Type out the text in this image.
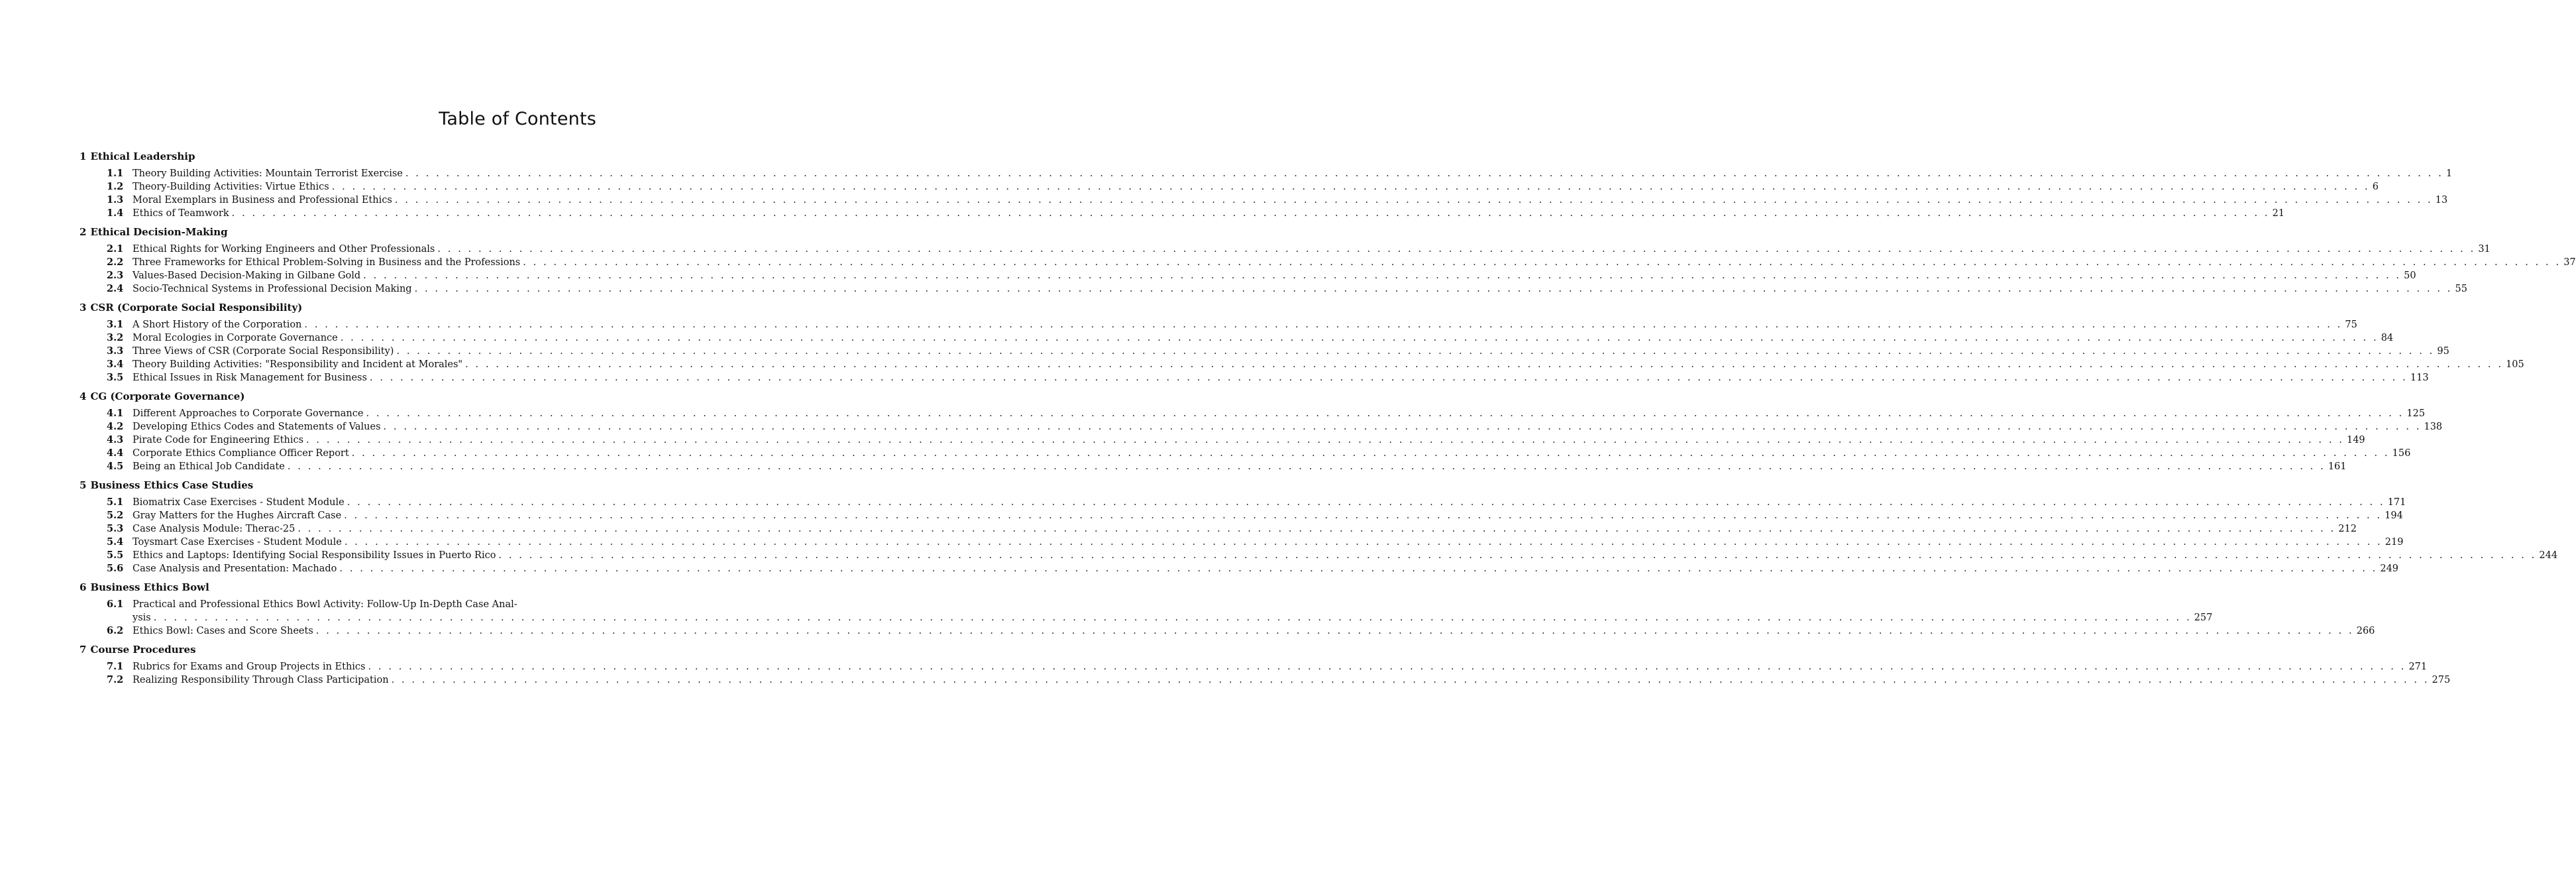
Table of Contents
1 Ethical Leadership
1.1 Theory Building Activities: Mountain Terrorist Exercise . . . . . . . . . . . . . . . . . . . . . . . . . . . . . . . . . . . . . . . . . . . . . . . . . . . . . . . . . . . . . . . . . . . . . . . . . . . . . . . . . . . . . . . . . . . . . . . . . . . . . . . . . . . . . . . . . . . . . . . . . . . . . . . . . . . . . . . . . . . . . . . . . . . . . . . . . . . . . . . . . . . . . . . . . . . . . . . . . . . . . . . . . . . . . . . . . . . . . . . . 1
1.2 Theory-Building Activities: Virtue Ethics . . . . . . . . . . . . . . . . . . . . . . . . . . . . . . . . . . . . . . . . . . . . . . . . . . . . . . . . . . . . . . . . . . . . . . . . . . . . . . . . . . . . . . . . . . . . . . . . . . . . . . . . . . . . . . . . . . . . . . . . . . . . . . . . . . . . . . . . . . . . . . . . . . . . . . . . . . . . . . . . . . . . . . . . . . . . . . . . . . . . . . . . . . . . . . . . . . . . . . . . 6
1.3 Moral Exemplars in Business and Professional Ethics . . . . . . . . . . . . . . . . . . . . . . . . . . . . . . . . . . . . . . . . . . . . . . . . . . . . . . . . . . . . . . . . . . . . . . . . . . . . . . . . . . . . . . . . . . . . . . . . . . . . . . . . . . . . . . . . . . . . . . . . . . . . . . . . . . . . . . . . . . . . . . . . . . . . . . . . . . . . . . . . . . . . . . . . . . . . . . . . . . . . . . . . . . . . . . . . . . . . . . . . 13
1.4 Ethics of Teamwork . . . . . . . . . . . . . . . . . . . . . . . . . . . . . . . . . . . . . . . . . . . . . . . . . . . . . . . . . . . . . . . . . . . . . . . . . . . . . . . . . . . . . . . . . . . . . . . . . . . . . . . . . . . . . . . . . . . . . . . . . . . . . . . . . . . . . . . . . . . . . . . . . . . . . . . . . . . . . . . . . . . . . . . . . . . . . . . . . . . . . . . . . . . . . . . . . . . . . . . . 21
2 Ethical Decision-Making
2.1 Ethical Rights for Working Engineers and Other Professionals . . . . . . . . . . . . . . . . . . . . . . . . . . . . . . . . . . . . . . . . . . . . . . . . . . . . . . . . . . . . . . . . . . . . . . . . . . . . . . . . . . . . . . . . . . . . . . . . . . . . . . . . . . . . . . . . . . . . . . . . . . . . . . . . . . . . . . . . . . . . . . . . . . . . . . . . . . . . . . . . . . . . . . . . . . . . . . . . . . . . . . . . . . . . . . . . . . . . . . . . 31
2.2 Three Frameworks for Ethical Problem-Solving in Business and the Professions . . . . . . . . . . . . . . . . . . . . . . . . . . . . . . . . . . . . . . . . . . . . . . . . . . . . . . . . . . . . . . . . . . . . . . . . . . . . . . . . . . . . . . . . . . . . . . . . . . . . . . . . . . . . . . . . . . . . . . . . . . . . . . . . . . . . . . . . . . . . . . . . . . . . . . . . . . . . . . . . . . . . . . . . . . . . . . . . . . . . . . . . . . . . . . . . . . . . . . . . 37
2.3 Values-Based Decision-Making in Gilbane Gold . . . . . . . . . . . . . . . . . . . . . . . . . . . . . . . . . . . . . . . . . . . . . . . . . . . . . . . . . . . . . . . . . . . . . . . . . . . . . . . . . . . . . . . . . . . . . . . . . . . . . . . . . . . . . . . . . . . . . . . . . . . . . . . . . . . . . . . . . . . . . . . . . . . . . . . . . . . . . . . . . . . . . . . . . . . . . . . . . . . . . . . . . . . . . . . . . . . . . . . . 50
2.4 Socio-Technical Systems in Professional Decision Making . . . . . . . . . . . . . . . . . . . . . . . . . . . . . . . . . . . . . . . . . . . . . . . . . . . . . . . . . . . . . . . . . . . . . . . . . . . . . . . . . . . . . . . . . . . . . . . . . . . . . . . . . . . . . . . . . . . . . . . . . . . . . . . . . . . . . . . . . . . . . . . . . . . . . . . . . . . . . . . . . . . . . . . . . . . . . . . . . . . . . . . . . . . . . . . . . . . . . . . . 55
3 CSR (Corporate Social Responsibility)
3.1 A Short History of the Corporation . . . . . . . . . . . . . . . . . . . . . . . . . . . . . . . . . . . . . . . . . . . . . . . . . . . . . . . . . . . . . . . . . . . . . . . . . . . . . . . . . . . . . . . . . . . . . . . . . . . . . . . . . . . . . . . . . . . . . . . . . . . . . . . . . . . . . . . . . . . . . . . . . . . . . . . . . . . . . . . . . . . . . . . . . . . . . . . . . . . . . . . . . . . . . . . . . . . . . . . . 75
3.2 Moral Ecologies in Corporate Governance . . . . . . . . . . . . . . . . . . . . . . . . . . . . . . . . . . . . . . . . . . . . . . . . . . . . . . . . . . . . . . . . . . . . . . . . . . . . . . . . . . . . . . . . . . . . . . . . . . . . . . . . . . . . . . . . . . . . . . . . . . . . . . . . . . . . . . . . . . . . . . . . . . . . . . . . . . . . . . . . . . . . . . . . . . . . . . . . . . . . . . . . . . . . . . . . . . . . . . . . 84
3.3 Three Views of CSR (Corporate Social Responsibility) . . . . . . . . . . . . . . . . . . . . . . . . . . . . . . . . . . . . . . . . . . . . . . . . . . . . . . . . . . . . . . . . . . . . . . . . . . . . . . . . . . . . . . . . . . . . . . . . . . . . . . . . . . . . . . . . . . . . . . . . . . . . . . . . . . . . . . . . . . . . . . . . . . . . . . . . . . . . . . . . . . . . . . . . . . . . . . . . . . . . . . . . . . . . . . . . . . . . . . . . 95
3.4 Theory Building Activities: "Responsibility and Incident at Morales" . . . . . . . . . . . . . . . . . . . . . . . . . . . . . . . . . . . . . . . . . . . . . . . . . . . . . . . . . . . . . . . . . . . . . . . . . . . . . . . . . . . . . . . . . . . . . . . . . . . . . . . . . . . . . . . . . . . . . . . . . . . . . . . . . . . . . . . . . . . . . . . . . . . . . . . . . . . . . . . . . . . . . . . . . . . . . . . . . . . . . . . . . . . . . . . . . . . . . . . . 105
3.5 Ethical Issues in Risk Management for Business . . . . . . . . . . . . . . . . . . . . . . . . . . . . . . . . . . . . . . . . . . . . . . . . . . . . . . . . . . . . . . . . . . . . . . . . . . . . . . . . . . . . . . . . . . . . . . . . . . . . . . . . . . . . . . . . . . . . . . . . . . . . . . . . . . . . . . . . . . . . . . . . . . . . . . . . . . . . . . . . . . . . . . . . . . . . . . . . . . . . . . . . . . . . . . . . . . . . . . . . 113
4 CG (Corporate Governance)
4.1 Different Approaches to Corporate Governance . . . . . . . . . . . . . . . . . . . . . . . . . . . . . . . . . . . . . . . . . . . . . . . . . . . . . . . . . . . . . . . . . . . . . . . . . . . . . . . . . . . . . . . . . . . . . . . . . . . . . . . . . . . . . . . . . . . . . . . . . . . . . . . . . . . . . . . . . . . . . . . . . . . . . . . . . . . . . . . . . . . . . . . . . . . . . . . . . . . . . . . . . . . . . . . . . . . . . . . . 125
4.2 Developing Ethics Codes and Statements of Values . . . . . . . . . . . . . . . . . . . . . . . . . . . . . . . . . . . . . . . . . . . . . . . . . . . . . . . . . . . . . . . . . . . . . . . . . . . . . . . . . . . . . . . . . . . . . . . . . . . . . . . . . . . . . . . . . . . . . . . . . . . . . . . . . . . . . . . . . . . . . . . . . . . . . . . . . . . . . . . . . . . . . . . . . . . . . . . . . . . . . . . . . . . . . . . . . . . . . . . . 138
4.3 Pirate Code for Engineering Ethics . . . . . . . . . . . . . . . . . . . . . . . . . . . . . . . . . . . . . . . . . . . . . . . . . . . . . . . . . . . . . . . . . . . . . . . . . . . . . . . . . . . . . . . . . . . . . . . . . . . . . . . . . . . . . . . . . . . . . . . . . . . . . . . . . . . . . . . . . . . . . . . . . . . . . . . . . . . . . . . . . . . . . . . . . . . . . . . . . . . . . . . . . . . . . . . . . . . . . . . . 149
4.4 Corporate Ethics Compliance Officer Report . . . . . . . . . . . . . . . . . . . . . . . . . . . . . . . . . . . . . . . . . . . . . . . . . . . . . . . . . . . . . . . . . . . . . . . . . . . . . . . . . . . . . . . . . . . . . . . . . . . . . . . . . . . . . . . . . . . . . . . . . . . . . . . . . . . . . . . . . . . . . . . . . . . . . . . . . . . . . . . . . . . . . . . . . . . . . . . . . . . . . . . . . . . . . . . . . . . . . . . . 156
4.5 Being an Ethical Job Candidate . . . . . . . . . . . . . . . . . . . . . . . . . . . . . . . . . . . . . . . . . . . . . . . . . . . . . . . . . . . . . . . . . . . . . . . . . . . . . . . . . . . . . . . . . . . . . . . . . . . . . . . . . . . . . . . . . . . . . . . . . . . . . . . . . . . . . . . . . . . . . . . . . . . . . . . . . . . . . . . . . . . . . . . . . . . . . . . . . . . . . . . . . . . . . . . . . . . . . . . . 161
5 Business Ethics Case Studies
5.1 Biomatrix Case Exercises - Student Module . . . . . . . . . . . . . . . . . . . . . . . . . . . . . . . . . . . . . . . . . . . . . . . . . . . . . . . . . . . . . . . . . . . . . . . . . . . . . . . . . . . . . . . . . . . . . . . . . . . . . . . . . . . . . . . . . . . . . . . . . . . . . . . . . . . . . . . . . . . . . . . . . . . . . . . . . . . . . . . . . . . . . . . . . . . . . . . . . . . . . . . . . . . . . . . . . . . . . . . . 171
5.2 Gray Matters for the Hughes Aircraft Case . . . . . . . . . . . . . . . . . . . . . . . . . . . . . . . . . . . . . . . . . . . . . . . . . . . . . . . . . . . . . . . . . . . . . . . . . . . . . . . . . . . . . . . . . . . . . . . . . . . . . . . . . . . . . . . . . . . . . . . . . . . . . . . . . . . . . . . . . . . . . . . . . . . . . . . . . . . . . . . . . . . . . . . . . . . . . . . . . . . . . . . . . . . . . . . . . . . . . . . . 194
5.3 Case Analysis Module: Therac-25 . . . . . . . . . . . . . . . . . . . . . . . . . . . . . . . . . . . . . . . . . . . . . . . . . . . . . . . . . . . . . . . . . . . . . . . . . . . . . . . . . . . . . . . . . . . . . . . . . . . . . . . . . . . . . . . . . . . . . . . . . . . . . . . . . . . . . . . . . . . . . . . . . . . . . . . . . . . . . . . . . . . . . . . . . . . . . . . . . . . . . . . . . . . . . . . . . . . . . . . . 212
5.4 Toysmart Case Exercises - Student Module . . . . . . . . . . . . . . . . . . . . . . . . . . . . . . . . . . . . . . . . . . . . . . . . . . . . . . . . . . . . . . . . . . . . . . . . . . . . . . . . . . . . . . . . . . . . . . . . . . . . . . . . . . . . . . . . . . . . . . . . . . . . . . . . . . . . . . . . . . . . . . . . . . . . . . . . . . . . . . . . . . . . . . . . . . . . . . . . . . . . . . . . . . . . . . . . . . . . . . . . 219
5.5 Ethics and Laptops: Identifying Social Responsibility Issues in Puerto Rico . . . . . . . . . . . . . . . . . . . . . . . . . . . . . . . . . . . . . . . . . . . . . . . . . . . . . . . . . . . . . . . . . . . . . . . . . . . . . . . . . . . . . . . . . . . . . . . . . . . . . . . . . . . . . . . . . . . . . . . . . . . . . . . . . . . . . . . . . . . . . . . . . . . . . . . . . . . . . . . . . . . . . . . . . . . . . . . . . . . . . . . . . . . . . . . . . . . . . . . . 244
5.6 Case Analysis and Presentation: Machado . . . . . . . . . . . . . . . . . . . . . . . . . . . . . . . . . . . . . . . . . . . . . . . . . . . . . . . . . . . . . . . . . . . . . . . . . . . . . . . . . . . . . . . . . . . . . . . . . . . . . . . . . . . . . . . . . . . . . . . . . . . . . . . . . . . . . . . . . . . . . . . . . . . . . . . . . . . . . . . . . . . . . . . . . . . . . . . . . . . . . . . . . . . . . . . . . . . . . . . . 249
6 Business Ethics Bowl
6.1 Practical and Professional Ethics Bowl Activity: Follow-Up In-Depth Case Anal-
ysis . . . . . . . . . . . . . . . . . . . . . . . . . . . . . . . . . . . . . . . . . . . . . . . . . . . . . . . . . . . . . . . . . . . . . . . . . . . . . . . . . . . . . . . . . . . . . . . . . . . . . . . . . . . . . . . . . . . . . . . . . . . . . . . . . . . . . . . . . . . . . . . . . . . . . . . . . . . . . . . . . . . . . . . . . . . . . . . . . . . . . . . . . . . . . . . . . . . . . . . . 257
6.2 Ethics Bowl: Cases and Score Sheets . . . . . . . . . . . . . . . . . . . . . . . . . . . . . . . . . . . . . . . . . . . . . . . . . . . . . . . . . . . . . . . . . . . . . . . . . . . . . . . . . . . . . . . . . . . . . . . . . . . . . . . . . . . . . . . . . . . . . . . . . . . . . . . . . . . . . . . . . . . . . . . . . . . . . . . . . . . . . . . . . . . . . . . . . . . . . . . . . . . . . . . . . . . . . . . . . . . . . . . . 266
7 Course Procedures
7.1 Rubrics for Exams and Group Projects in Ethics . . . . . . . . . . . . . . . . . . . . . . . . . . . . . . . . . . . . . . . . . . . . . . . . . . . . . . . . . . . . . . . . . . . . . . . . . . . . . . . . . . . . . . . . . . . . . . . . . . . . . . . . . . . . . . . . . . . . . . . . . . . . . . . . . . . . . . . . . . . . . . . . . . . . . . . . . . . . . . . . . . . . . . . . . . . . . . . . . . . . . . . . . . . . . . . . . . . . . . . . 271
7.2 Realizing Responsibility Through Class Participation . . . . . . . . . . . . . . . . . . . . . . . . . . . . . . . . . . . . . . . . . . . . . . . . . . . . . . . . . . . . . . . . . . . . . . . . . . . . . . . . . . . . . . . . . . . . . . . . . . . . . . . . . . . . . . . . . . . . . . . . . . . . . . . . . . . . . . . . . . . . . . . . . . . . . . . . . . . . . . . . . . . . . . . . . . . . . . . . . . . . . . . . . . . . . . . . . . . . . . . . 275
